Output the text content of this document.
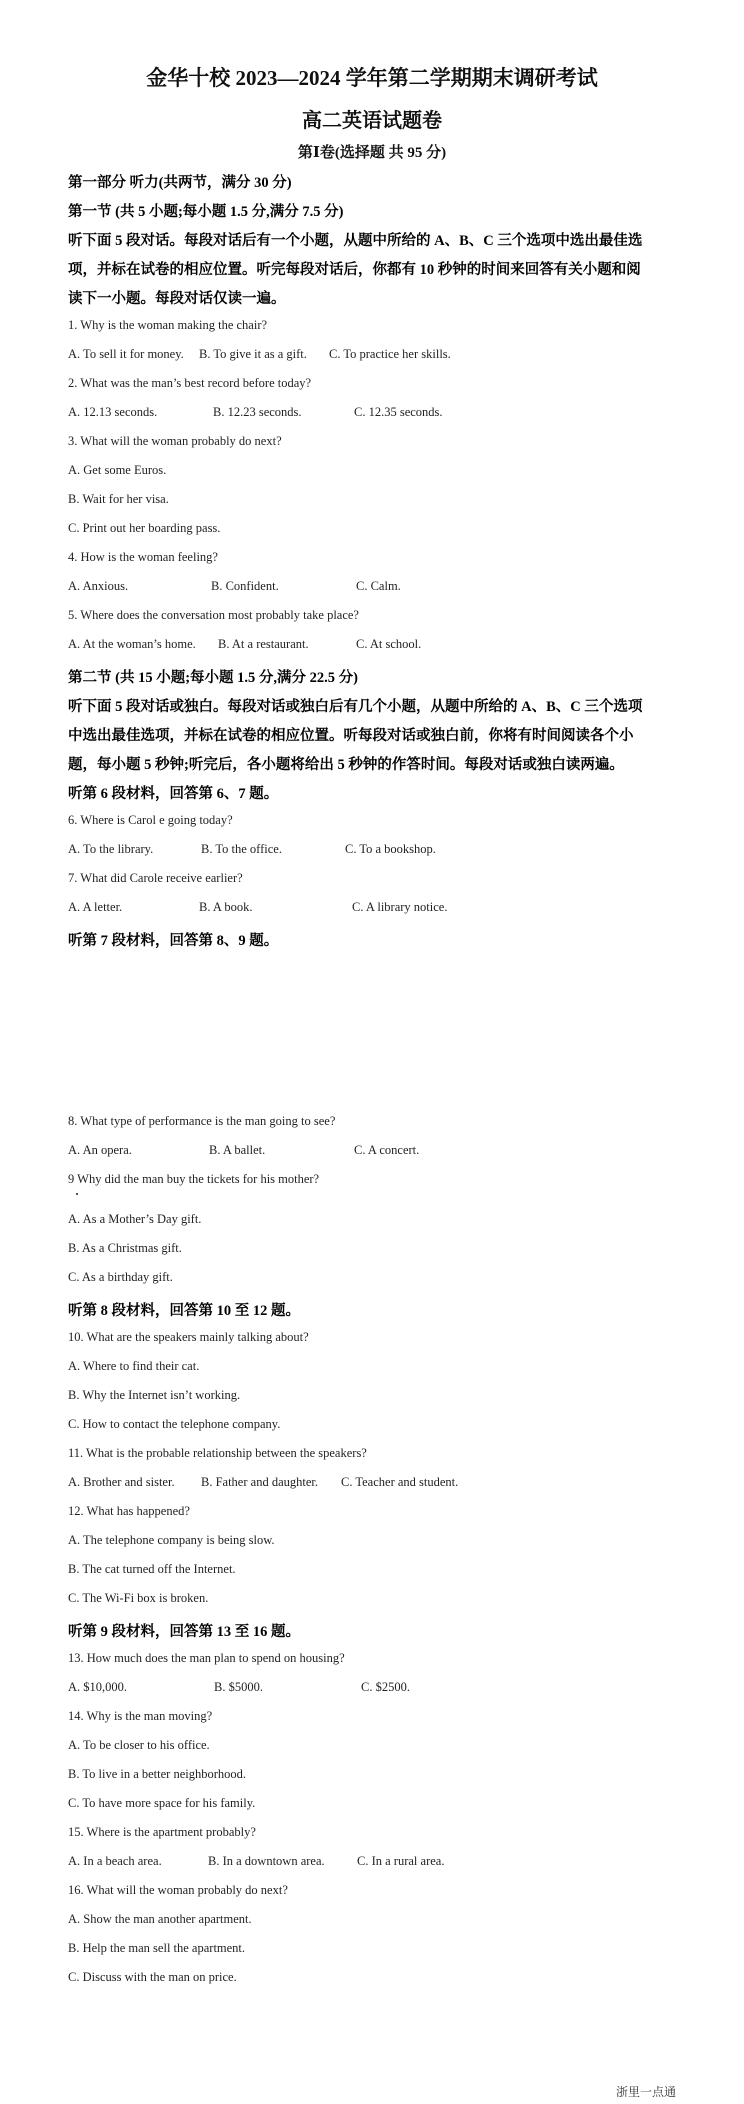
金华十校 2023—2024 学年第二学期期末调研考试
高二英语试题卷
第Ⅰ卷(选择题 共 95 分)
第一部分 听力(共两节，满分 30 分)
第一节 (共 5 小题;每小题 1.5 分,满分 7.5 分)
听下面 5 段对话。每段对话后有一个小题，从题中所给的 A、B、C 三个选项中选出最佳选
项，并标在试卷的相应位置。听完每段对话后，你都有 10 秒钟的时间来回答有关小题和阅
读下一小题。每段对话仅读一遍。
1. Why is the woman making the chair?
A. To sell it for money. B. To give it as a gift. C. To practice her skills.
2. What was the man’s best record before today?
A. 12.13 seconds.	B. 12.23 seconds.	C. 12.35 seconds.
3. What will the woman probably do next?
A. Get some Euros.
B. Wait for her visa.
C. Print out her boarding pass.
4. How is the woman feeling?
A. Anxious.	B. Confident.	C. Calm.
5. Where does the conversation most probably take place?
A. At the woman’s home. B. At a restaurant.	C. At school.
第二节 (共 15 小题;每小题 1.5 分,满分 22.5 分)
听下面 5 段对话或独白。每段对话或独白后有几个小题，从题中所给的 A、B、C 三个选项
中选出最佳选项，并标在试卷的相应位置。听每段对话或独白前，你将有时间阅读各个小
题，每小题 5 秒钟;听完后，各小题将给出 5 秒钟的作答时间。每段对话或独白读两遍。
听第 6 段材料，回答第 6、7 题。
6. Where is Carol e going today?
A. To the library.	B. To the office.	C. To a bookshop.
7. What did Carole receive earlier?
A. A letter.	B. A book.	C. A library notice.
听第 7 段材料，回答第 8、9 题。
8. What type of performance is the man going to see?
A. An opera.	B. A ballet.	C. A concert.
9 Why did the man buy the tickets for his mother?
A. As a Mother’s Day gift.
B. As a Christmas gift.
C. As a birthday gift.
听第 8 段材料，回答第 10 至 12 题。
10. What are the speakers mainly talking about?
A. Where to find their cat.
B. Why the Internet isn’t working.
C. How to contact the telephone company.
11. What is the probable relationship between the speakers?
A. Brother and sister. B. Father and daughter. C. Teacher and student.
12. What has happened?
A. The telephone company is being slow.
B. The cat turned off the Internet.
C. The Wi-Fi box is broken.
听第 9 段材料，回答第 13 至 16 题。
13. How much does the man plan to spend on housing?
A. $10,000.	B. $5000.	C. $2500.
14. Why is the man moving?
A. To be closer to his office.
B. To live in a better neighborhood.
C. To have more space for his family.
15. Where is the apartment probably?
A. In a beach area.	B. In a downtown area.	C. In a rural area.
16. What will the woman probably do next?
A. Show the man another apartment.
B. Help the man sell the apartment.
C. Discuss with the man on price.
浙里一点通
